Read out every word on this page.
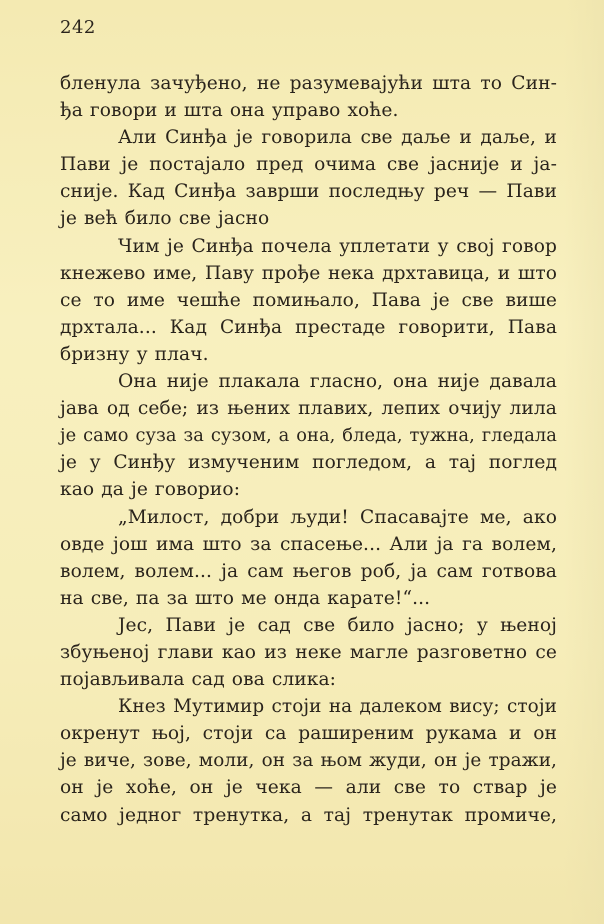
242
бленула зачуђено, не разумевајући шта то Син-
ђа говори и шта она управо хоће.
Али Синђа је говорила све даље и даље, и
Пави је постајало пред очима све јасније и ја-
сније. Кад Синђа заврши последњу реч — Пави
је већ било све јасно
Чим је Синђа почела уплетати у свој говор
кнежево име, Паву прође нека дрхтавица, и што
се то име чешће помињало, Пава је све више
дрхтала... Кад Синђа престаде говорити, Пава
бризну у плач.
Она није плакала гласно, она није давала
јава од себе; из њених плавих, лепих очију лила
је само суза за сузом, а она, бледа, тужна, гледала
је у Синђу измученим погледом, а тај поглед
као да је говорио:
„Милост, добри људи! Спасавајте ме, ако
овде још има што за спасење... Али ја га волем,
волем, волем... ја сам његов роб, ја сам готвова
на све, па за што ме онда карате!“...
Јес, Пави је сад све било јасно; у њеној
збуњеној глави као из неке магле разговетно се
појављивала сад ова слика:
Кнез Мутимир стоји на далеком вису; стоји
окренут њој, стоји са раширеним рукама и он
је виче, зове, моли, он за њом жуди, он је тражи,
он је хоће, он је чека — али све то ствар је
само једног тренутка, а тај тренутак промиче,
